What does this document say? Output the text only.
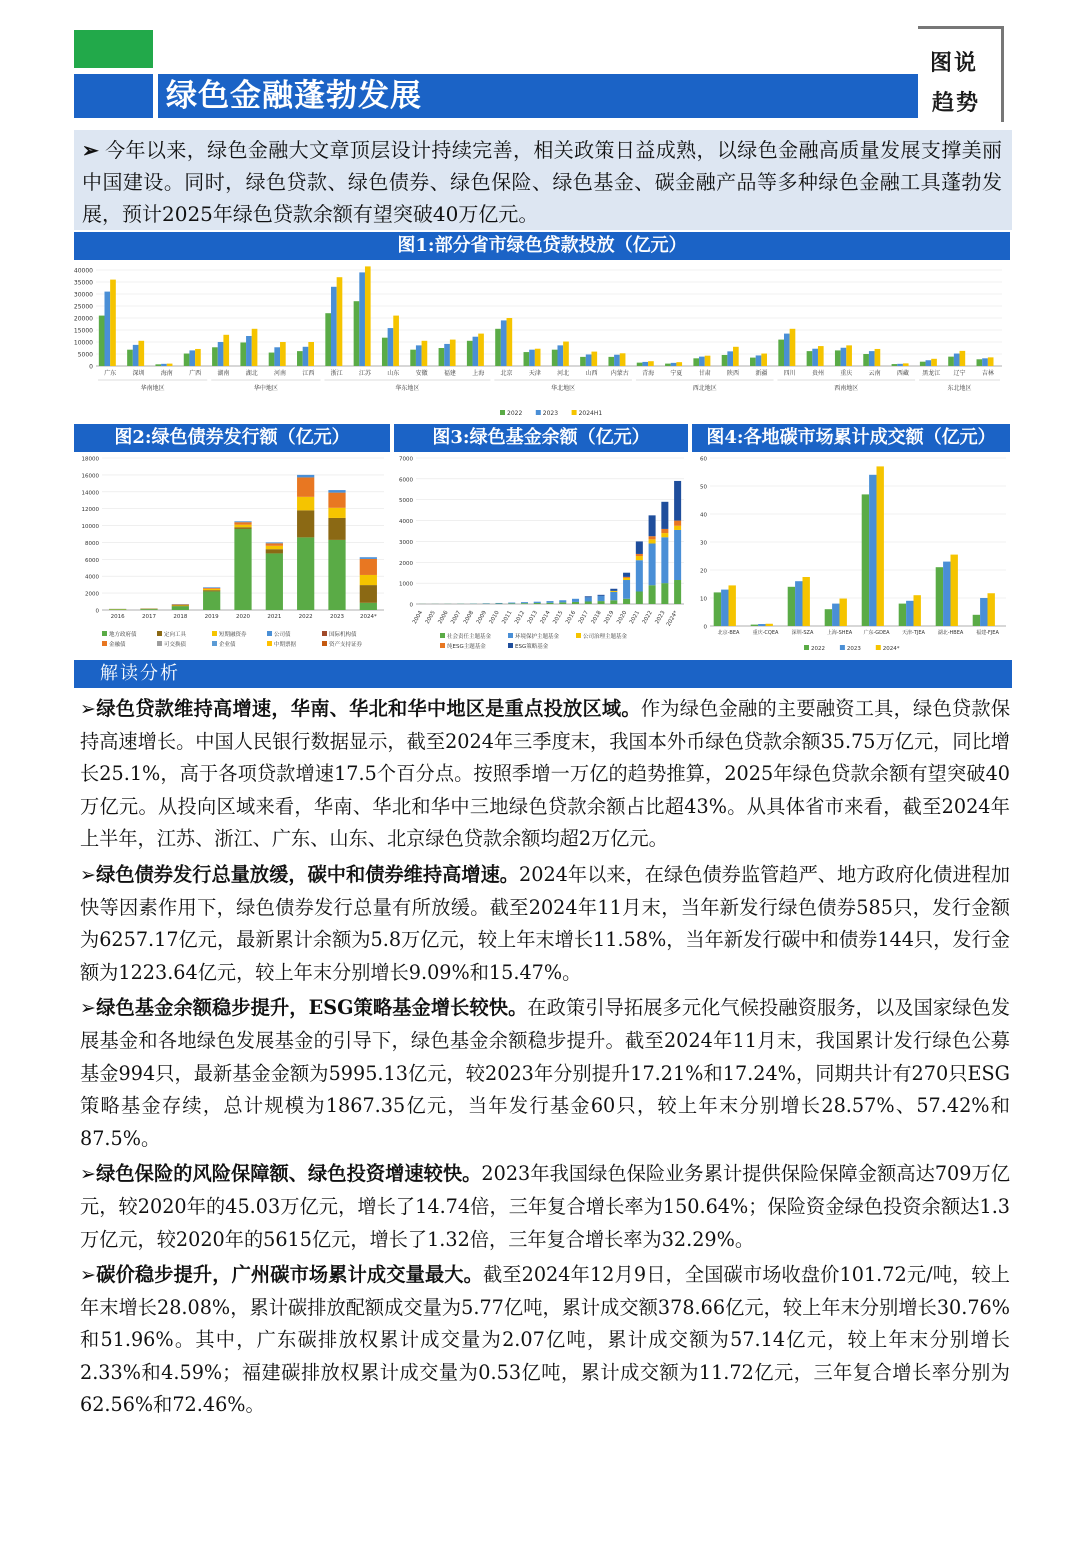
绿色金融蓬勃发展
图说
趋势
➢ 今年以来，绿色金融大文章顶层设计持续完善，相关政策日益成熟，以绿色金融高质量发展支撑美丽中国建设。同时，绿色贷款、绿色债券、绿色保险、绿色基金、碳金融产品等多种绿色金融工具蓬勃发展，预计2025年绿色贷款余额有望突破40万亿元。
图1:部分省市绿色贷款投放（亿元）
0
5000
10000
15000
20000
25000
30000
35000
40000
广东	深圳	海南	广西	湖南	湖北	河南	江西	浙江	江苏	山东	安徽	福建	上海	北京	天津	河北	山西 内蒙古 青海	宁夏	甘肃	陕西	新疆	四川	贵州	重庆	云南	西藏 黑龙江 辽宁	吉林
华南地区	华中地区	华东地区	华北地区	西北地区	西南地区	东北地区
2022	2023	2024H1
图2:绿色债券发行额（亿元）	图3:绿色基金余额（亿元）	图4:各地碳市场累计成交额（亿元）
0
2000
4000
6000
8000
10000
12000
14000
16000
18000
2016	2017	2018	2019	2020	2021	2022	2023	2024*
地方政府债	定向工具	短期融资券	公司债	国际机构债
金融债	可交换债	企业债	中期票据	资产支持证券
0
1000
2000
3000
4000
5000
6000
7000
2004 2005 2006 2007 2008 2009 2010 2011 2012 2013 2014 2015 2016 2017 2018 2019 2020 2021 2022 2023 2024*
社会责任主题基金	环境保护主题基金	公司治理主题基金
纯ESG主题基金	ESG策略基金
0
10
20
30
40
50
60
北京-BEA	重庆-CQEA	深圳-SZA	上海-SHEA 广东-GDEA 天津-TJEA	湖北-HBEA	福建-FJEA
2022	2023	2024*
解读分析

➢绿色贷款维持高增速，华南、华北和华中地区是重点投放区域。作为绿色金融的主要融资工具，绿色贷款保持高速增长。中国人民银行数据显示，截至2024年三季度末，我国本外币绿色贷款余额35.75万亿元，同比增长25.1%，高于各项贷款增速17.5个百分点。按照季增一万亿的趋势推算，2025年绿色贷款余额有望突破40万亿元。从投向区域来看，华南、华北和华中三地绿色贷款余额占比超43%。从具体省市来看，截至2024年上半年，江苏、浙江、广东、山东、北京绿色贷款余额均超2万亿元。

➢绿色债券发行总量放缓，碳中和债券维持高增速。2024年以来，在绿色债券监管趋严、地方政府化债进程加快等因素作用下，绿色债券发行总量有所放缓。截至2024年11月末，当年新发行绿色债券585只，发行金额为6257.17亿元，最新累计余额为5.8万亿元，较上年末增长11.58%，当年新发行碳中和债券144只，发行金额为1223.64亿元，较上年末分别增长9.09%和15.47%。

➢绿色基金余额稳步提升，ESG策略基金增长较快。在政策引导拓展多元化气候投融资服务，以及国家绿色发展基金和各地绿色发展基金的引导下，绿色基金余额稳步提升。截至2024年11月末，我国累计发行绿色公募基金994只，最新基金金额为5995.13亿元，较2023年分别提升17.21%和17.24%，同期共计有270只ESG策略基金存续，总计规模为1867.35亿元，当年发行基金60只，较上年末分别增长28.57%、57.42%和87.5%。

➢绿色保险的风险保障额、绿色投资增速较快。2023年我国绿色保险业务累计提供保险保障金额高达709万亿元，较2020年的45.03万亿元，增长了14.74倍，三年复合增长率为150.64%；保险资金绿色投资余额达1.3万亿元，较2020年的5615亿元，增长了1.32倍，三年复合增长率为32.29%。

➢碳价稳步提升，广州碳市场累计成交量最大。截至2024年12月9日，全国碳市场收盘价101.72元/吨，较上年末增长28.08%，累计碳排放配额成交量为5.77亿吨，累计成交额378.66亿元，较上年末分别增长30.76%和51.96%。其中，广东碳排放权累计成交量为2.07亿吨，累计成交额为57.14亿元，较上年末分别增长2.33%和4.59%；福建碳排放权累计成交量为0.53亿吨，累计成交额为11.72亿元，三年复合增长率分别为62.56%和72.46%。
